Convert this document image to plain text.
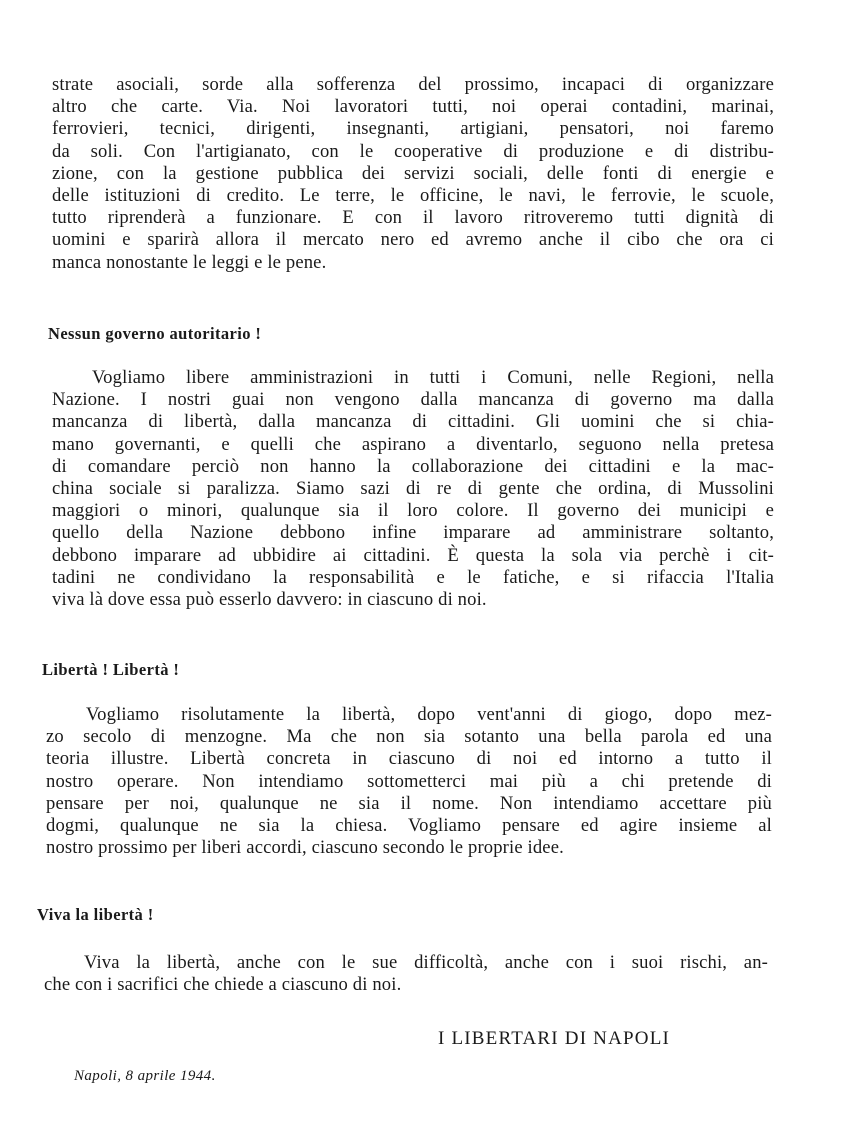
strate asociali, sorde alla sofferenza del prossimo, incapaci di organizzare
altro che carte. Via. Noi lavoratori tutti, noi operai contadini, marinai,
ferrovieri, tecnici, dirigenti, insegnanti, artigiani, pensatori, noi faremo
da soli. Con l'artigianato, con le cooperative di produzione e di distribu-
zione, con la gestione pubblica dei servizi sociali, delle fonti di energie e
delle istituzioni di credito. Le terre, le officine, le navi, le ferrovie, le scuole,
tutto riprenderà a funzionare. E con il lavoro ritroveremo tutti dignità di
uomini e sparirà allora il mercato nero ed avremo anche il cibo che ora ci
manca nonostante le leggi e le pene.
Nessun governo autoritario !
Vogliamo libere amministrazioni in tutti i Comuni, nelle Regioni, nella
Nazione. I nostri guai non vengono dalla mancanza di governo ma dalla
mancanza di libertà, dalla mancanza di cittadini. Gli uomini che si chia-
mano governanti, e quelli che aspirano a diventarlo, seguono nella pretesa
di comandare perciò non hanno la collaborazione dei cittadini e la mac-
china sociale si paralizza. Siamo sazi di re di gente che ordina, di Mussolini
maggiori o minori, qualunque sia il loro colore. Il governo dei municipi e
quello della Nazione debbono infine imparare ad amministrare soltanto,
debbono imparare ad ubbidire ai cittadini. È questa la sola via perchè i cit-
tadini ne condividano la responsabilità e le fatiche, e si rifaccia l'Italia
viva là dove essa può esserlo davvero: in ciascuno di noi.
Libertà ! Libertà !
Vogliamo risolutamente la libertà, dopo vent'anni di giogo, dopo mez-
zo secolo di menzogne. Ma che non sia sotanto una bella parola ed una
teoria illustre. Libertà concreta in ciascuno di noi ed intorno a tutto il
nostro operare. Non intendiamo sottometterci mai più a chi pretende di
pensare per noi, qualunque ne sia il nome. Non intendiamo accettare più
dogmi, qualunque ne sia la chiesa. Vogliamo pensare ed agire insieme al
nostro prossimo per liberi accordi, ciascuno secondo le proprie idee.
Viva la libertà !
Viva la libertà, anche con le sue difficoltà, anche con i suoi rischi, an-
che con i sacrifici che chiede a ciascuno di noi.
I LIBERTARI DI NAPOLI
Napoli, 8 aprile 1944.
